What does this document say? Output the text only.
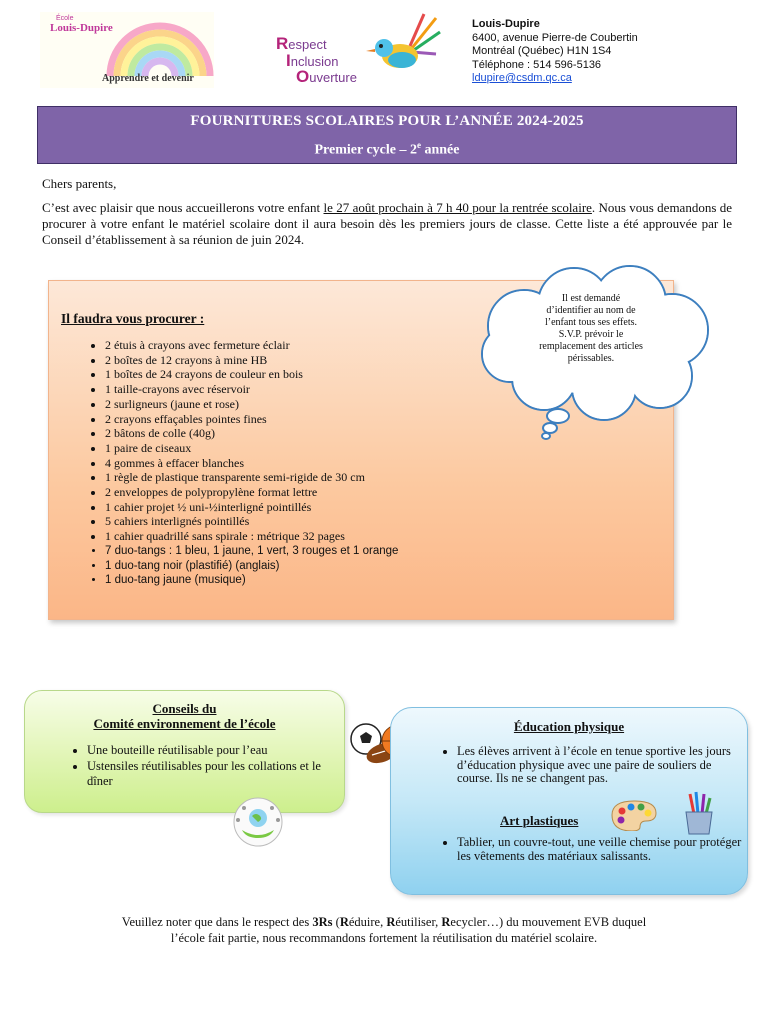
École
Louis-Dupire
Apprendre et devenir
Respect
Inclusion
Ouverture
Louis-Dupire
6400, avenue Pierre-de Coubertin
Montréal (Québec) H1N 1S4
Téléphone : 514 596-5136
ldupire@csdm.qc.ca
FOURNITURES SCOLAIRES POUR L’ANNÉE 2024-2025
Premier cycle – 2e année
Chers parents,
C’est avec plaisir que nous accueillerons votre enfant le 27 août prochain à 7 h 40 pour la rentrée scolaire. Nous vous demandons de procurer à votre enfant le matériel scolaire dont il aura besoin dès les premiers jours de classe. Cette liste a été approuvée par le Conseil d’établissement à sa réunion de juin 2024.
Il faudra vous procurer :
• 2 étuis à crayons avec fermeture éclair
• 2 boîtes de 12 crayons à mine HB
• 1 boîtes de 24 crayons de couleur en bois
• 1 taille-crayons avec réservoir
• 2 surligneurs (jaune et rose)
• 2 crayons effaçables pointes fines
• 2 bâtons de colle (40g)
• 1 paire de ciseaux
• 4 gommes à effacer blanches
• 1 règle de plastique transparente semi-rigide de 30 cm
• 2 enveloppes de polypropylène format lettre
• 1 cahier projet ½ uni-½interligné pointillés
• 5 cahiers interlignés pointillés
• 1 cahier quadrillé sans spirale : métrique 32 pages
• 7 duo-tangs : 1 bleu, 1 jaune, 1 vert, 3 rouges et 1 orange
• 1 duo-tang noir (plastifié) (anglais)
• 1 duo-tang jaune (musique)
Il est demandé
d’identifier au nom de
l’enfant tous ses effets.
S.V.P. prévoir le
remplacement des articles
périssables.
Conseils du
Comité environnement de l’école
• Une bouteille réutilisable pour l’eau
• Ustensiles réutilisables pour les collations et le dîner
Éducation physique
• Les élèves arrivent à l’école en tenue sportive les jours d’éducation physique avec une paire de souliers de course. Ils ne se changent pas.
Art plastiques
• Tablier, un couvre-tout, une veille chemise pour protéger les vêtements des matériaux salissants.
Veuillez noter que dans le respect des 3Rs (Réduire, Réutiliser, Recycler…) du mouvement EVB duquel l’école fait partie, nous recommandons fortement la réutilisation du matériel scolaire.
